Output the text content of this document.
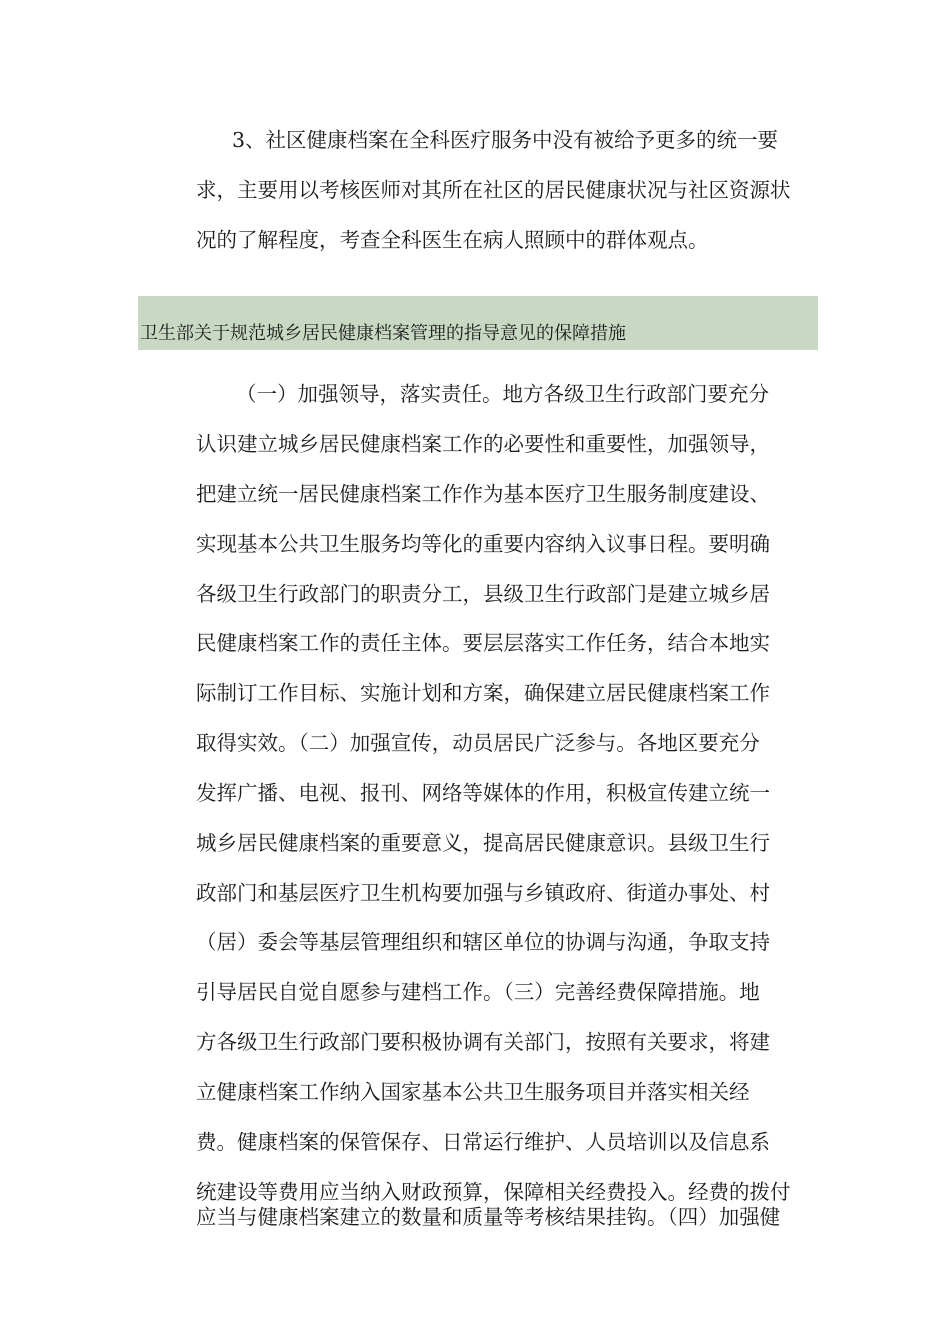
3、社区健康档案在全科医疗服务中没有被给予更多的统一要
求，主要用以考核医师对其所在社区的居民健康状况与社区资源状
况的了解程度，考查全科医生在病人照顾中的群体观点。
卫生部关于规范城乡居民健康档案管理的指导意见的保障措施
（一）加强领导，落实责任。地方各级卫生行政部门要充分
认识建立城乡居民健康档案工作的必要性和重要性，加强领导，
把建立统一居民健康档案工作作为基本医疗卫生服务制度建设、
实现基本公共卫生服务均等化的重要内容纳入议事日程。要明确
各级卫生行政部门的职责分工，县级卫生行政部门是建立城乡居
民健康档案工作的责任主体。要层层落实工作任务，结合本地实
际制订工作目标、实施计划和方案，确保建立居民健康档案工作
取得实效。（二）加强宣传，动员居民广泛参与。各地区要充分
发挥广播、电视、报刊、网络等媒体的作用，积极宣传建立统一
城乡居民健康档案的重要意义，提高居民健康意识。县级卫生行
政部门和基层医疗卫生机构要加强与乡镇政府、街道办事处、村
（居）委会等基层管理组织和辖区单位的协调与沟通，争取支持
引导居民自觉自愿参与建档工作。（三）完善经费保障措施。地
方各级卫生行政部门要积极协调有关部门，按照有关要求，将建
立健康档案工作纳入国家基本公共卫生服务项目并落实相关经
费。健康档案的保管保存、日常运行维护、人员培训以及信息系
统建设等费用应当纳入财政预算，保障相关经费投入。经费的拨付
应当与健康档案建立的数量和质量等考核结果挂钩。（四）加强健
